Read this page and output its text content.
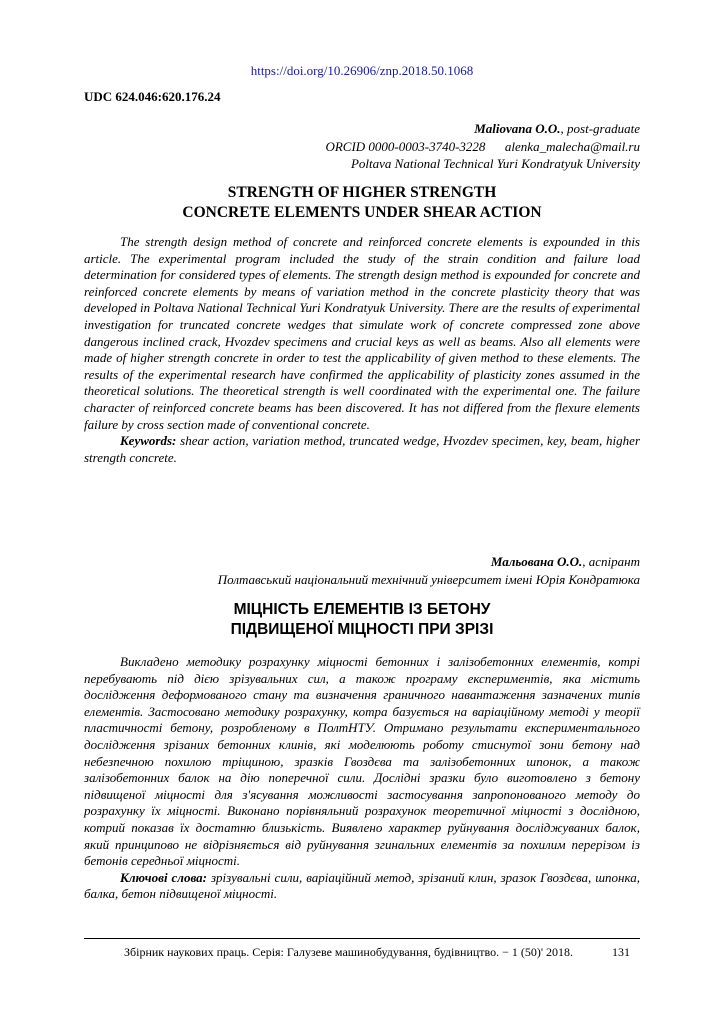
https://doi.org/10.26906/znp.2018.50.1068
UDC 624.046:620.176.24
Maliovana O.O., post-graduate
ORCID 0000-0003-3740-3228 alenka_malecha@mail.ru
Poltava National Technical Yuri Kondratyuk University
STRENGTH OF HIGHER STRENGTH
CONCRETE ELEMENTS UNDER SHEAR ACTION

The strength design method of concrete and reinforced concrete elements is expounded in this article. The experimental program included the study of the strain condition and failure load determination for considered types of elements. The strength design method is expounded for concrete and reinforced concrete elements by means of variation method in the concrete plasticity theory that was developed in Poltava National Technical Yuri Kondratyuk University. There are the results of experimental investigation for truncated concrete wedges that simulate work of concrete compressed zone above dangerous inclined crack, Hvozdev specimens and crucial keys as well as beams. Also all elements were made of higher strength concrete in order to test the applicability of given method to these elements. The results of the experimental research have confirmed the applicability of plasticity zones assumed in the theoretical solutions. The theoretical strength is well coordinated with the experimental one. The failure character of reinforced concrete beams has been discovered. It has not differed from the flexure elements failure by cross section made of conventional concrete.

Keywords: shear action, variation method, truncated wedge, Hvozdev specimen, key, beam, higher strength concrete.

Мальована О.О., аспірант
Полтавський національний технічний університет імені Юрія Кондратюка
МІЦНІСТЬ ЕЛЕМЕНТІВ ІЗ БЕТОНУ
ПІДВИЩЕНОЇ МІЦНОСТІ ПРИ ЗРІЗІ

Викладено методику розрахунку міцності бетонних і залізобетонних елементів, котрі перебувають під дією зрізувальних сил, а також програму експериментів, яка містить дослідження деформованого стану та визначення граничного навантаження зазначених типів елементів. Застосовано методику розрахунку, котра базується на варіаційному методі у теорії пластичності бетону, розробленому в ПолтНТУ. Отримано результати експериментального дослідження зрізаних бетонних клинів, які моделюють роботу стиснутої зони бетону над небезпечною похилою тріщиною, зразків Гвоздєва та залізобетонних шпонок, а також залізобетонних балок на дію поперечної сили. Дослідні зразки було виготовлено з бетону підвищеної міцності для з'ясування можливості застосування запропонованого методу до розрахунку їх міцності. Виконано порівняльний розрахунок теоретичної міцності з дослідною, котрий показав їх достатню близькість. Виявлено характер руйнування досліджуваних балок, який принципово не відрізняється від руйнування згинальних елементів за похилим перерізом із бетонів середньої міцності.

Ключові слова: зрізувальні сили, варіаційний метод, зрізаний клин, зразок Гвоздєва, шпонка, балка, бетон підвищеної міцності.

Збірник наукових праць. Серія: Галузеве машинобудування, будівництво. − 1 (50)' 2018.	131
